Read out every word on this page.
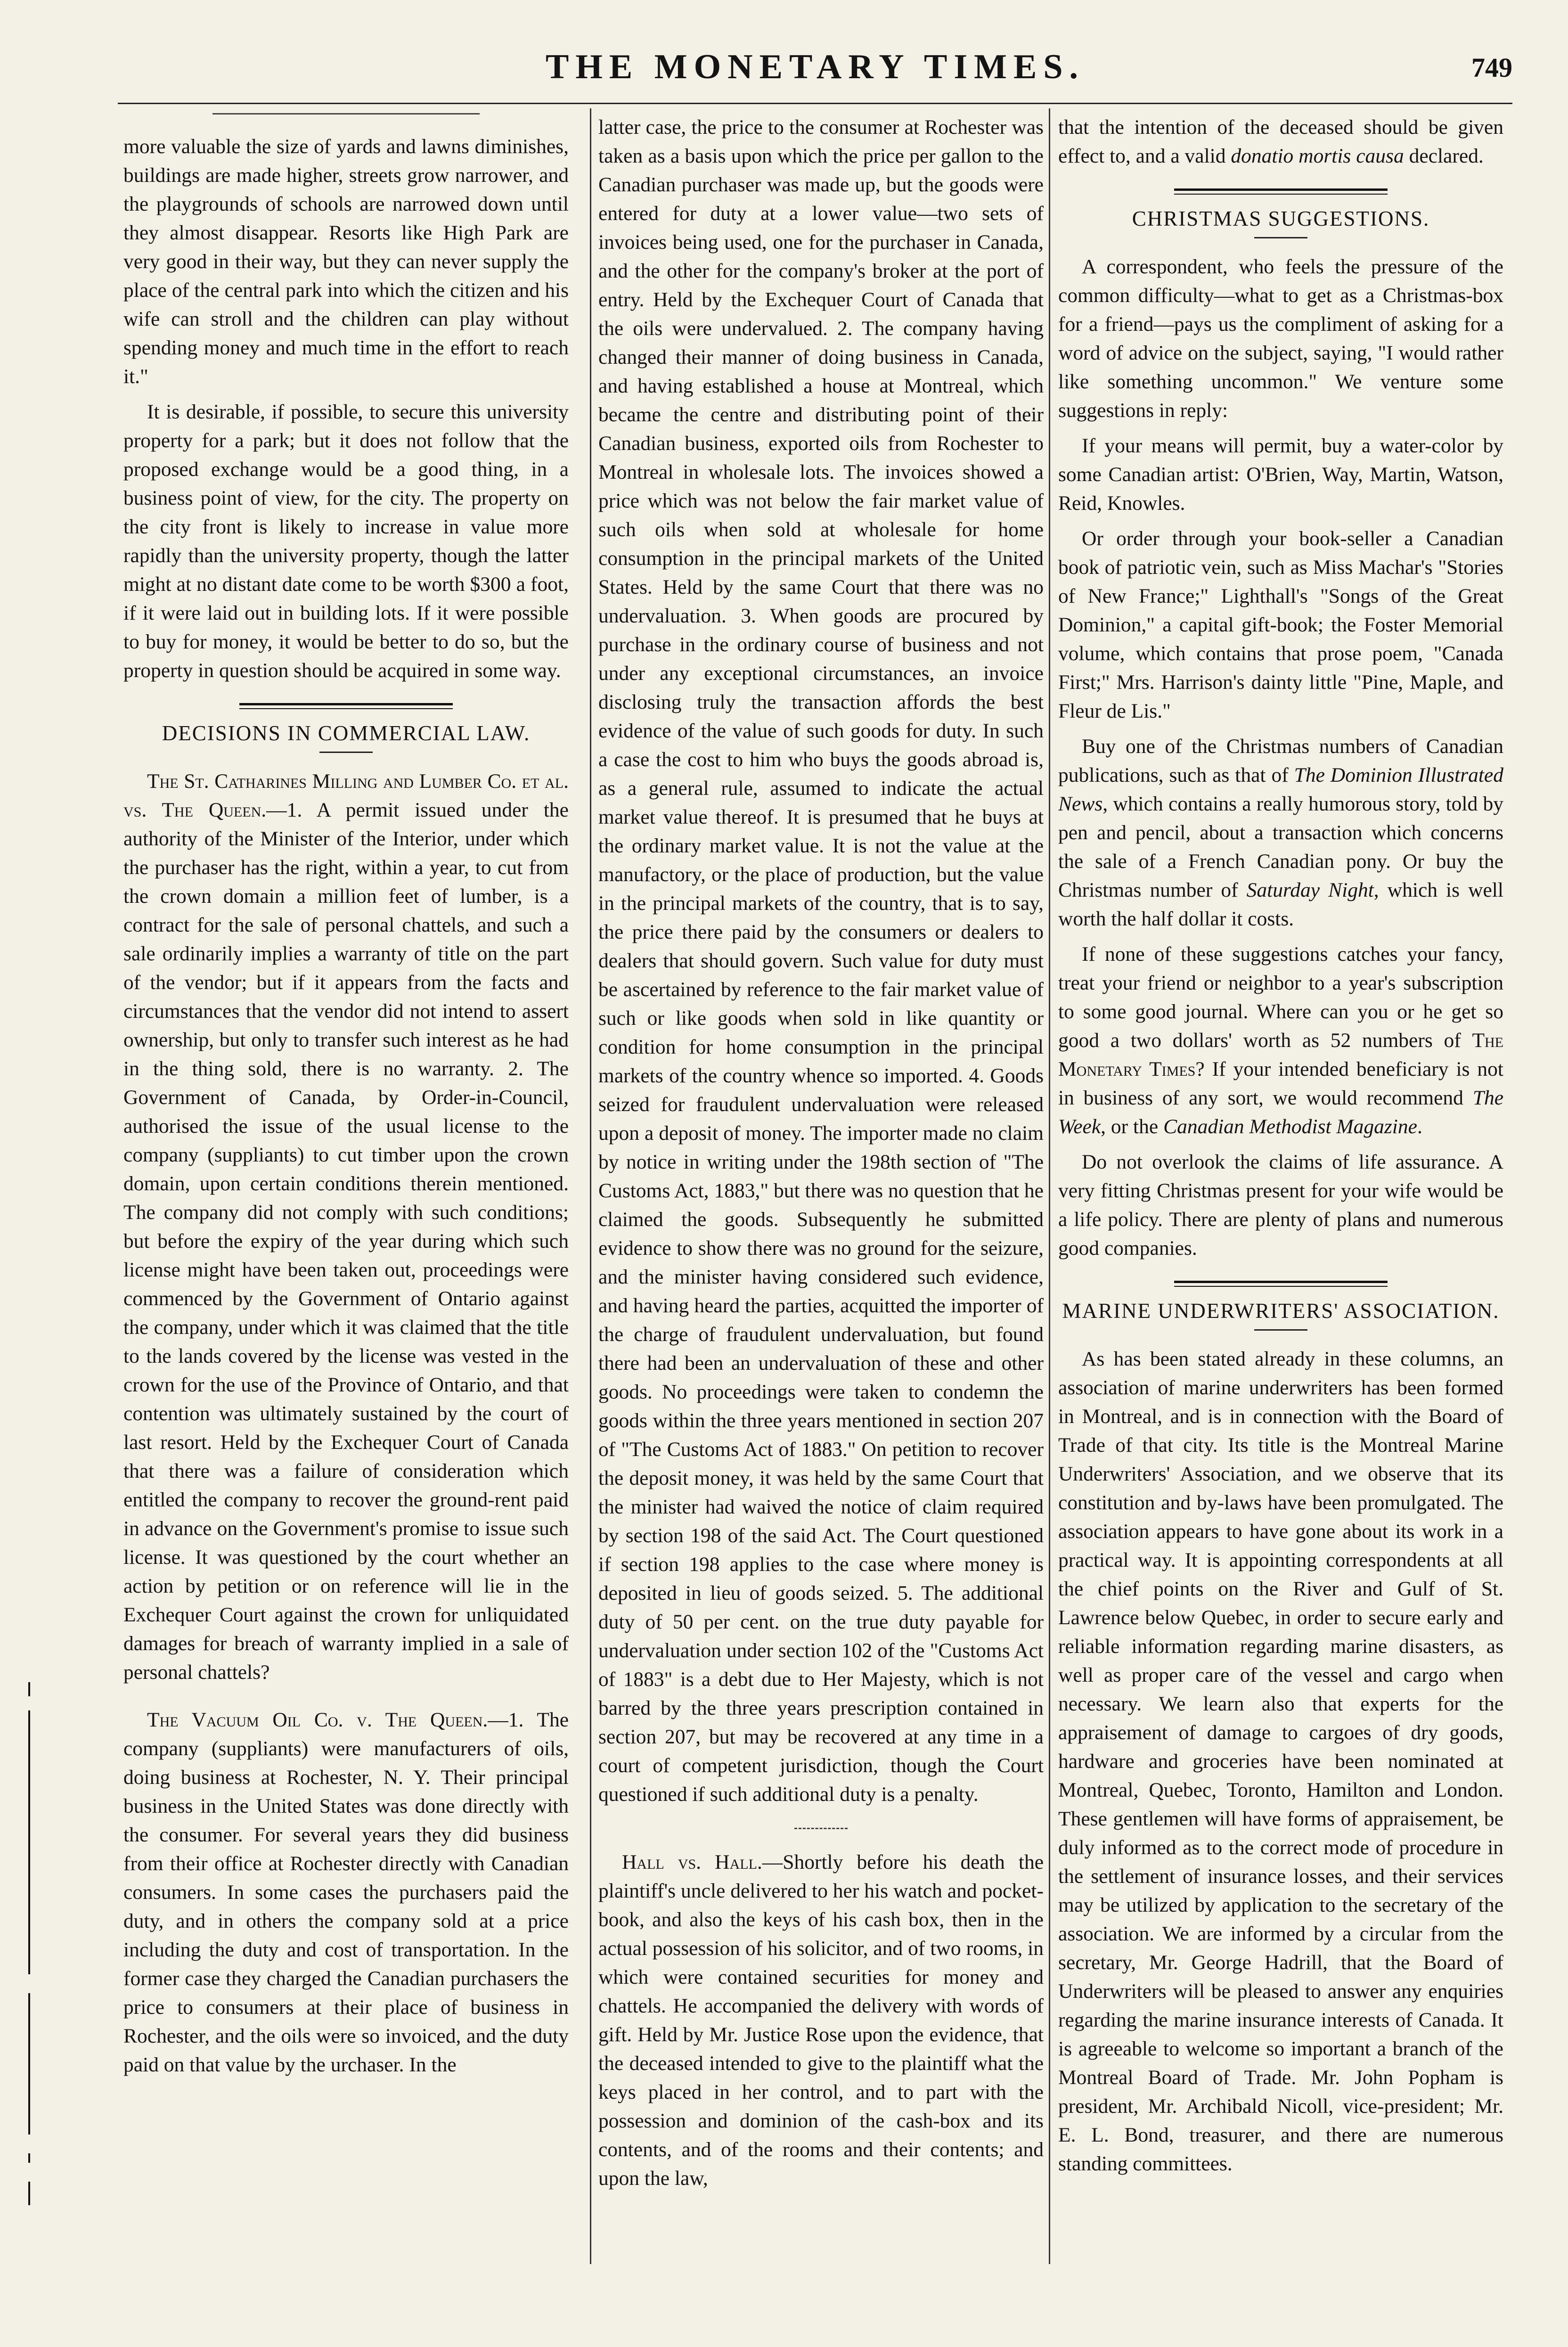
THE MONETARY TIMES.	749

more valuable the size of yards and lawns diminishes, buildings are made higher, streets grow narrower, and the playgrounds of schools are narrowed down until they almost disappear. Resorts like High Park are very good in their way, but they can never supply the place of the central park into which the citizen and his wife can stroll and the children can play without spending money and much time in the effort to reach it."

It is desirable, if possible, to secure this university property for a park; but it does not follow that the proposed exchange would be a good thing, in a business point of view, for the city. The property on the city front is likely to increase in value more rapidly than the university property, though the latter might at no distant date come to be worth $300 a foot, if it were laid out in building lots. If it were possible to buy for money, it would be better to do so, but the property in question should be acquired in some way.

DECISIONS IN COMMERCIAL LAW.

The St. Catharines Milling and Lumber Co. et al. vs. The Queen.—1. A permit issued under the authority of the Minister of the Interior, under which the purchaser has the right, within a year, to cut from the crown domain a million feet of lumber, is a contract for the sale of personal chattels, and such a sale ordinarily implies a warranty of title on the part of the vendor; but if it appears from the facts and circumstances that the vendor did not intend to assert ownership, but only to transfer such interest as he had in the thing sold, there is no warranty. 2. The Government of Canada, by Order-in-Council, authorised the issue of the usual license to the company (suppliants) to cut timber upon the crown domain, upon certain conditions therein mentioned. The company did not comply with such conditions; but before the expiry of the year during which such license might have been taken out, proceedings were commenced by the Government of Ontario against the company, under which it was claimed that the title to the lands covered by the license was vested in the crown for the use of the Province of Ontario, and that contention was ultimately sustained by the court of last resort. Held by the Exchequer Court of Canada that there was a failure of consideration which entitled the company to recover the ground-rent paid in advance on the Government's promise to issue such license. It was questioned by the court whether an action by petition or on reference will lie in the Exchequer Court against the crown for unliquidated damages for breach of warranty implied in a sale of personal chattels?

The Vacuum Oil Co. v. The Queen.—1. The company (suppliants) were manufacturers of oils, doing business at Rochester, N. Y. Their principal business in the United States was done directly with the consumer. For several years they did business from their office at Rochester directly with Canadian consumers. In some cases the purchasers paid the duty, and in others the company sold at a price including the duty and cost of transportation. In the former case they charged the Canadian purchasers the price to consumers at their place of business in Rochester, and the oils were so invoiced, and the duty paid on that value by the urchaser. In the

latter case, the price to the consumer at Rochester was taken as a basis upon which the price per gallon to the Canadian purchaser was made up, but the goods were entered for duty at a lower value—two sets of invoices being used, one for the purchaser in Canada, and the other for the company's broker at the port of entry. Held by the Exchequer Court of Canada that the oils were undervalued. 2. The company having changed their manner of doing business in Canada, and having established a house at Montreal, which became the centre and distributing point of their Canadian business, exported oils from Rochester to Montreal in wholesale lots. The invoices showed a price which was not below the fair market value of such oils when sold at wholesale for home consumption in the principal markets of the United States. Held by the same Court that there was no undervaluation. 3. When goods are procured by purchase in the ordinary course of business and not under any exceptional circumstances, an invoice disclosing truly the transaction affords the best evidence of the value of such goods for duty. In such a case the cost to him who buys the goods abroad is, as a general rule, assumed to indicate the actual market value thereof. It is presumed that he buys at the ordinary market value. It is not the value at the manufactory, or the place of production, but the value in the principal markets of the country, that is to say, the price there paid by the consumers or dealers to dealers that should govern. Such value for duty must be ascertained by reference to the fair market value of such or like goods when sold in like quantity or condition for home consumption in the principal markets of the country whence so imported. 4. Goods seized for fraudulent undervaluation were released upon a deposit of money. The importer made no claim by notice in writing under the 198th section of "The Customs Act, 1883," but there was no question that he claimed the goods. Subsequently he submitted evidence to show there was no ground for the seizure, and the minister having considered such evidence, and having heard the parties, acquitted the importer of the charge of fraudulent undervaluation, but found there had been an undervaluation of these and other goods. No proceedings were taken to condemn the goods within the three years mentioned in section 207 of "The Customs Act of 1883." On petition to recover the deposit money, it was held by the same Court that the minister had waived the notice of claim required by section 198 of the said Act. The Court questioned if section 198 applies to the case where money is deposited in lieu of goods seized. 5. The additional duty of 50 per cent. on the true duty payable for undervaluation under section 102 of the "Customs Act of 1883" is a debt due to Her Majesty, which is not barred by the three years prescription contained in section 207, but may be recovered at any time in a court of competent jurisdiction, though the Court questioned if such additional duty is a penalty.

Hall vs. Hall.—Shortly before his death the plaintiff's uncle delivered to her his watch and pocket-book, and also the keys of his cash box, then in the actual possession of his solicitor, and of two rooms, in which were contained securities for money and chattels. He accompanied the delivery with words of gift. Held by Mr. Justice Rose upon the evidence, that the deceased intended to give to the plaintiff what the keys placed in her control, and to part with the possession and dominion of the cash-box and its contents, and of the rooms and their contents; and upon the law,

that the intention of the deceased should be given effect to, and a valid donatio mortis causa declared.

CHRISTMAS SUGGESTIONS.

A correspondent, who feels the pressure of the common difficulty—what to get as a Christmas-box for a friend—pays us the compliment of asking for a word of advice on the subject, saying, "I would rather like something uncommon." We venture some suggestions in reply:

If your means will permit, buy a water-color by some Canadian artist: O'Brien, Way, Martin, Watson, Reid, Knowles.

Or order through your book-seller a Canadian book of patriotic vein, such as Miss Machar's "Stories of New France;" Lighthall's "Songs of the Great Dominion," a capital gift-book; the Foster Memorial volume, which contains that prose poem, "Canada First;" Mrs. Harrison's dainty little "Pine, Maple, and Fleur de Lis."

Buy one of the Christmas numbers of Canadian publications, such as that of The Dominion Illustrated News, which contains a really humorous story, told by pen and pencil, about a transaction which concerns the sale of a French Canadian pony. Or buy the Christmas number of Saturday Night, which is well worth the half dollar it costs.

If none of these suggestions catches your fancy, treat your friend or neighbor to a year's subscription to some good journal. Where can you or he get so good a two dollars' worth as 52 numbers of The Monetary Times? If your intended beneficiary is not in business of any sort, we would recommend The Week, or the Canadian Methodist Magazine.

Do not overlook the claims of life assurance. A very fitting Christmas present for your wife would be a life policy. There are plenty of plans and numerous good companies.

MARINE UNDERWRITERS' ASSOCIATION.

As has been stated already in these columns, an association of marine underwriters has been formed in Montreal, and is in connection with the Board of Trade of that city. Its title is the Montreal Marine Underwriters' Association, and we observe that its constitution and by-laws have been promulgated. The association appears to have gone about its work in a practical way. It is appointing correspondents at all the chief points on the River and Gulf of St. Lawrence below Quebec, in order to secure early and reliable information regarding marine disasters, as well as proper care of the vessel and cargo when necessary. We learn also that experts for the appraisement of damage to cargoes of dry goods, hardware and groceries have been nominated at Montreal, Quebec, Toronto, Hamilton and London. These gentlemen will have forms of appraisement, be duly informed as to the correct mode of procedure in the settlement of insurance losses, and their services may be utilized by application to the secretary of the association. We are informed by a circular from the secretary, Mr. George Hadrill, that the Board of Underwriters will be pleased to answer any enquiries regarding the marine insurance interests of Canada. It is agreeable to welcome so important a branch of the Montreal Board of Trade. Mr. John Popham is president, Mr. Archibald Nicoll, vice-president; Mr. E. L. Bond, treasurer, and there are numerous standing committees.
